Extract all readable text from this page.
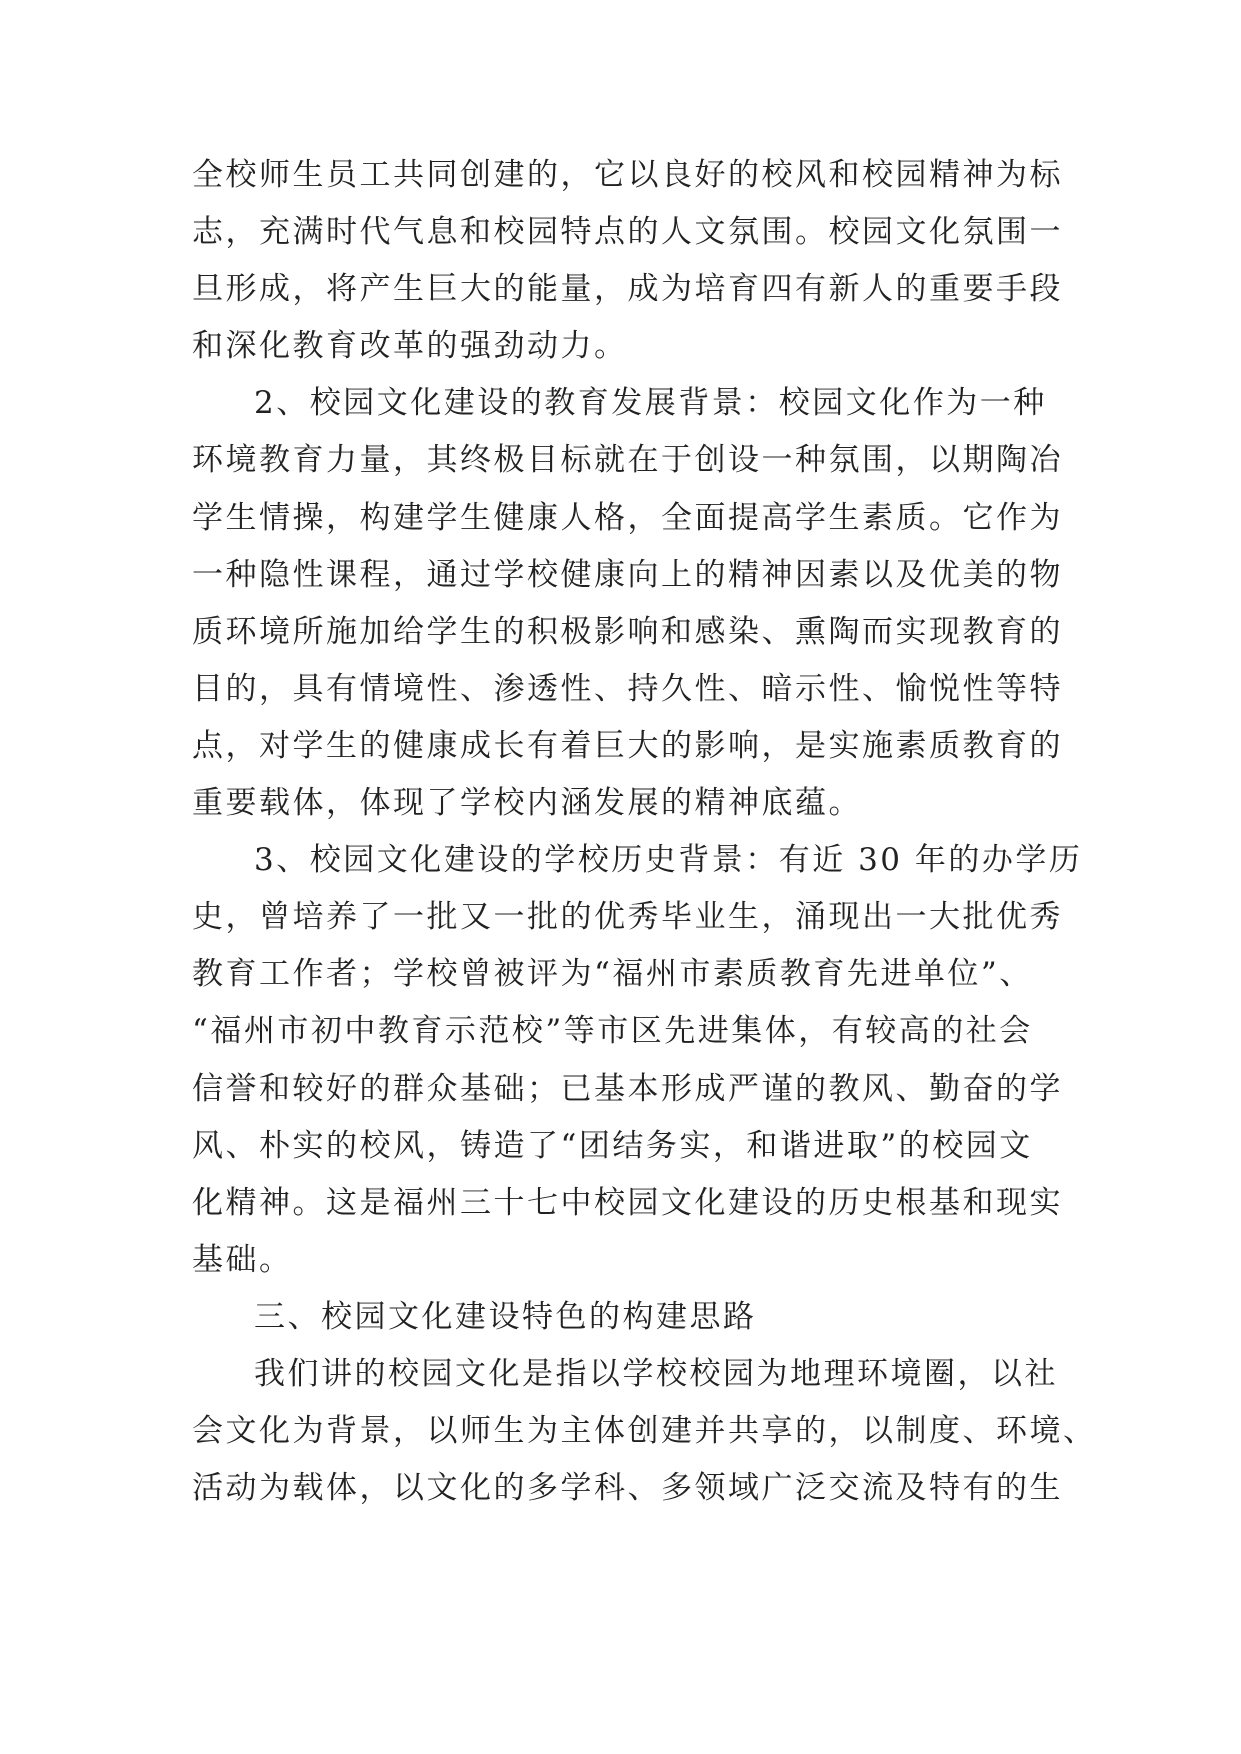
全校师生员工共同创建的，它以良好的校风和校园精神为标
志，充满时代气息和校园特点的人文氛围。校园文化氛围一
旦形成，将产生巨大的能量，成为培育四有新人的重要手段
和深化教育改革的强劲动力。
2、校园文化建设的教育发展背景：校园文化作为一种
环境教育力量，其终极目标就在于创设一种氛围，以期陶冶
学生情操，构建学生健康人格，全面提高学生素质。它作为
一种隐性课程，通过学校健康向上的精神因素以及优美的物
质环境所施加给学生的积极影响和感染、熏陶而实现教育的
目的，具有情境性、渗透性、持久性、暗示性、愉悦性等特
点，对学生的健康成长有着巨大的影响，是实施素质教育的
重要载体，体现了学校内涵发展的精神底蕴。
3、校园文化建设的学校历史背景：有近 30 年的办学历
史，曾培养了一批又一批的优秀毕业生，涌现出一大批优秀
教育工作者；学校曾被评为“福州市素质教育先进单位”、
“福州市初中教育示范校”等市区先进集体，有较高的社会
信誉和较好的群众基础；已基本形成严谨的教风、勤奋的学
风、朴实的校风，铸造了“团结务实，和谐进取”的校园文
化精神。这是福州三十七中校园文化建设的历史根基和现实
基础。
三、校园文化建设特色的构建思路
我们讲的校园文化是指以学校校园为地理环境圈，以社
会文化为背景，以师生为主体创建并共享的，以制度、环境、
活动为载体，以文化的多学科、多领域广泛交流及特有的生
